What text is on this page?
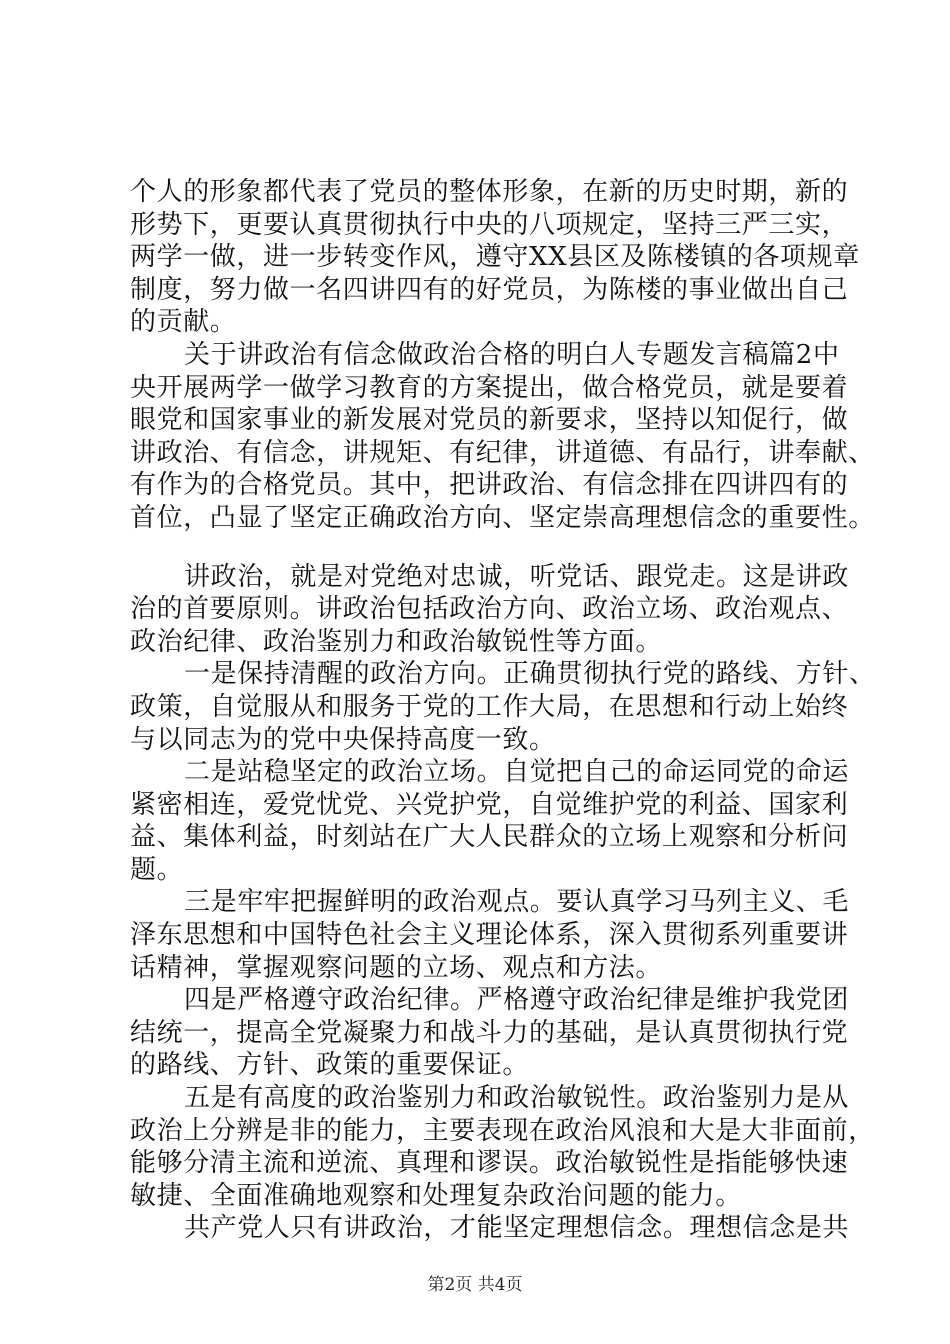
个人的形象都代表了党员的整体形象，在新的历史时期，新的
形势下，更要认真贯彻执行中央的八项规定，坚持三严三实，
两学一做，进一步转变作风，遵守XX县区及陈楼镇的各项规章
制度，努力做一名四讲四有的好党员，为陈楼的事业做出自己
的贡献。
关于讲政治有信念做政治合格的明白人专题发言稿篇2中
央开展两学一做学习教育的方案提出，做合格党员，就是要着
眼党和国家事业的新发展对党员的新要求，坚持以知促行，做
讲政治、有信念，讲规矩、有纪律，讲道德、有品行，讲奉献、
有作为的合格党员。其中，把讲政治、有信念排在四讲四有的
首位，凸显了坚定正确政治方向、坚定崇高理想信念的重要性。
讲政治，就是对党绝对忠诚，听党话、跟党走。这是讲政
治的首要原则。讲政治包括政治方向、政治立场、政治观点、
政治纪律、政治鉴别力和政治敏锐性等方面。
一是保持清醒的政治方向。正确贯彻执行党的路线、方针、
政策，自觉服从和服务于党的工作大局，在思想和行动上始终
与以同志为的党中央保持高度一致。
二是站稳坚定的政治立场。自觉把自己的命运同党的命运
紧密相连，爱党忧党、兴党护党，自觉维护党的利益、国家利
益、集体利益，时刻站在广大人民群众的立场上观察和分析问
题。
三是牢牢把握鲜明的政治观点。要认真学习马列主义、毛
泽东思想和中国特色社会主义理论体系，深入贯彻系列重要讲
话精神，掌握观察问题的立场、观点和方法。
四是严格遵守政治纪律。严格遵守政治纪律是维护我党团
结统一，提高全党凝聚力和战斗力的基础，是认真贯彻执行党
的路线、方针、政策的重要保证。
五是有高度的政治鉴别力和政治敏锐性。政治鉴别力是从
政治上分辨是非的能力，主要表现在政治风浪和大是大非面前，
能够分清主流和逆流、真理和谬误。政治敏锐性是指能够快速
敏捷、全面准确地观察和处理复杂政治问题的能力。
共产党人只有讲政治，才能坚定理想信念。理想信念是共
第2页 共4页
